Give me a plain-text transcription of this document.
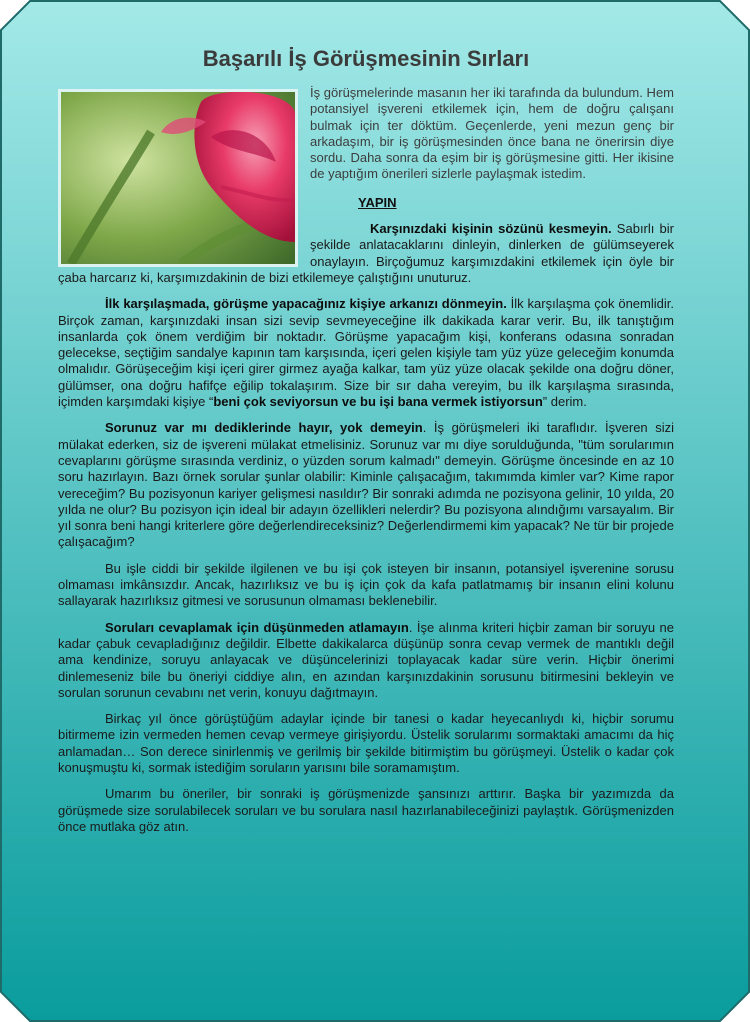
Başarılı İş Görüşmesinin Sırları
İş görüşmelerinde masanın her iki tarafında da bulundum. Hem potansiyel işvereni etkilemek için, hem de doğru çalışanı bulmak için ter döktüm. Geçenlerde, yeni mezun genç bir arkadaşım, bir iş görüşmesinden önce bana ne önerirsin diye sordu. Daha sonra da eşim bir iş görüşmesine gitti. Her ikisine de yaptığım önerileri sizlerle paylaşmak istedim.
YAPIN

Karşınızdaki kişinin sözünü kesmeyin. Sabırlı bir şekilde anlatacaklarını dinleyin, dinlerken de gülümseyerek onaylayın. Birçoğumuz karşımızdakini etkilemek için öyle bir çaba harcarız ki, karşımızdakinin de bizi etkilemeye çalıştığını unuturuz.

İlk karşılaşmada, görüşme yapacağınız kişiye arkanızı dönmeyin. İlk karşılaşma çok önemlidir. Birçok zaman, karşınızdaki insan sizi sevip sevmeyeceğine ilk dakikada karar verir. Bu, ilk tanıştığım insanlarda çok önem verdiğim bir noktadır. Görüşme yapacağım kişi, konferans odasına sonradan gelecekse, seçtiğim sandalye kapının tam karşısında, içeri gelen kişiyle tam yüz yüze geleceğim konumda olmalıdır. Görüşeceğim kişi içeri girer girmez ayağa kalkar, tam yüz yüze olacak şekilde ona doğru döner, gülümser, ona doğru hafifçe eğilip tokalaşırım. Size bir sır daha vereyim, bu ilk karşılaşma sırasında, içimden karşımdaki kişiye “beni çok seviyorsun ve bu işi bana vermek istiyorsun” derim.

Sorunuz var mı dediklerinde hayır, yok demeyin. İş görüşmeleri iki taraflıdır. İşveren sizi mülakat ederken, siz de işvereni mülakat etmelisiniz. Sorunuz var mı diye sorulduğunda, "tüm sorularımın cevaplarını görüşme sırasında verdiniz, o yüzden sorum kalmadı" demeyin. Görüşme öncesinde en az 10 soru hazırlayın. Bazı örnek sorular şunlar olabilir: Kiminle çalışacağım, takımımda kimler var? Kime rapor vereceğim? Bu pozisyonun kariyer gelişmesi nasıldır? Bir sonraki adımda ne pozisyona gelinir, 10 yılda, 20 yılda ne olur? Bu pozisyon için ideal bir adayın özellikleri nelerdir? Bu pozisyona alındığımı varsayalım. Bir yıl sonra beni hangi kriterlere göre değerlendireceksiniz? Değerlendirmemi kim yapacak? Ne tür bir projede çalışacağım?

Bu işle ciddi bir şekilde ilgilenen ve bu işi çok isteyen bir insanın, potansiyel işverenine sorusu olmaması imkânsızdır. Ancak, hazırlıksız ve bu iş için çok da kafa patlatmamış bir insanın elini kolunu sallayarak hazırlıksız gitmesi ve sorusunun olmaması beklenebilir.

Soruları cevaplamak için düşünmeden atlamayın. İşe alınma kriteri hiçbir zaman bir soruyu ne kadar çabuk cevapladığınız değildir. Elbette dakikalarca düşünüp sonra cevap vermek de mantıklı değil ama kendinize, soruyu anlayacak ve düşüncelerinizi toplayacak kadar süre verin. Hiçbir önerimi dinlemeseniz bile bu öneriyi ciddiye alın, en azından karşınızdakinin sorusunu bitirmesini bekleyin ve sorulan sorunun cevabını net verin, konuyu dağıtmayın.

Birkaç yıl önce görüştüğüm adaylar içinde bir tanesi o kadar heyecanlıydı ki, hiçbir sorumu bitirmeme izin vermeden hemen cevap vermeye girişiyordu. Üstelik sorularımı sormaktaki amacımı da hiç anlamadan… Son derece sinirlenmiş ve gerilmiş bir şekilde bitirmiştim bu görüşmeyi. Üstelik o kadar çok konuşmuştu ki, sormak istediğim soruların yarısını bile soramamıştım.

Umarım bu öneriler, bir sonraki iş görüşmenizde şansınızı arttırır. Başka bir yazımızda da görüşmede size sorulabilecek soruları ve bu sorulara nasıl hazırlanabileceğinizi paylaştık. Görüşmenizden önce mutlaka göz atın.
